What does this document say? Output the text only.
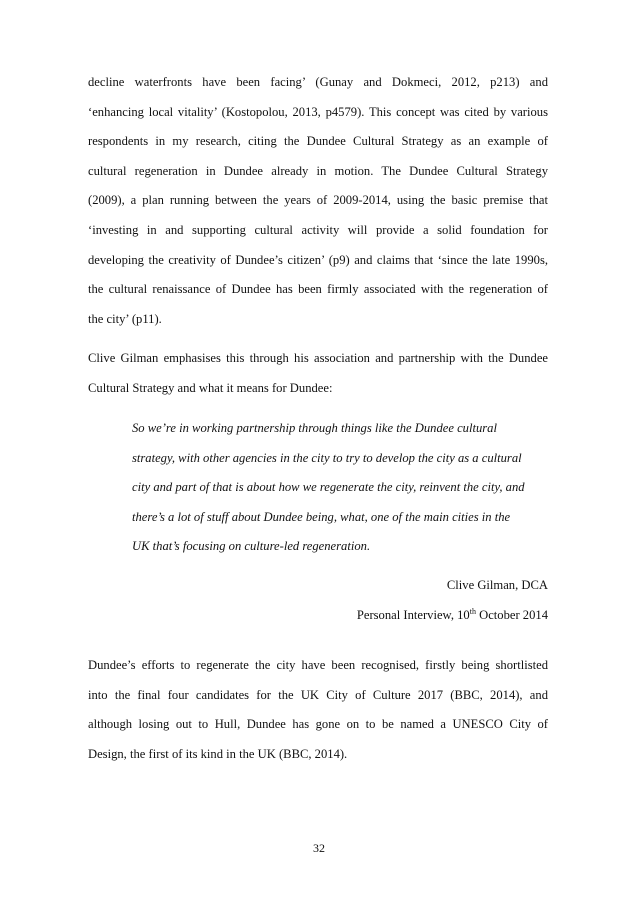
decline waterfronts have been facing’ (Gunay and Dokmeci, 2012, p213) and
‘enhancing local vitality’ (Kostopolou, 2013, p4579). This concept was cited by various
respondents in my research, citing the Dundee Cultural Strategy as an example of
cultural regeneration in Dundee already in motion. The Dundee Cultural Strategy
(2009), a plan running between the years of 2009-2014, using the basic premise that
‘investing in and supporting cultural activity will provide a solid foundation for
developing the creativity of Dundee’s citizen’ (p9) and claims that ‘since the late 1990s,
the cultural renaissance of Dundee has been firmly associated with the regeneration of
the city’ (p11).

Clive Gilman emphasises this through his association and partnership with the Dundee
Cultural Strategy and what it means for Dundee:

So we’re in working partnership through things like the Dundee cultural
strategy, with other agencies in the city to try to develop the city as a cultural
city and part of that is about how we regenerate the city, reinvent the city, and
there’s a lot of stuff about Dundee being, what, one of the main cities in the
UK that’s focusing on culture-led regeneration.

Clive Gilman, DCA
Personal Interview, 10th October 2014

Dundee’s efforts to regenerate the city have been recognised, firstly being shortlisted
into the final four candidates for the UK City of Culture 2017 (BBC, 2014), and
although losing out to Hull, Dundee has gone on to be named a UNESCO City of
Design, the first of its kind in the UK (BBC, 2014).

32
